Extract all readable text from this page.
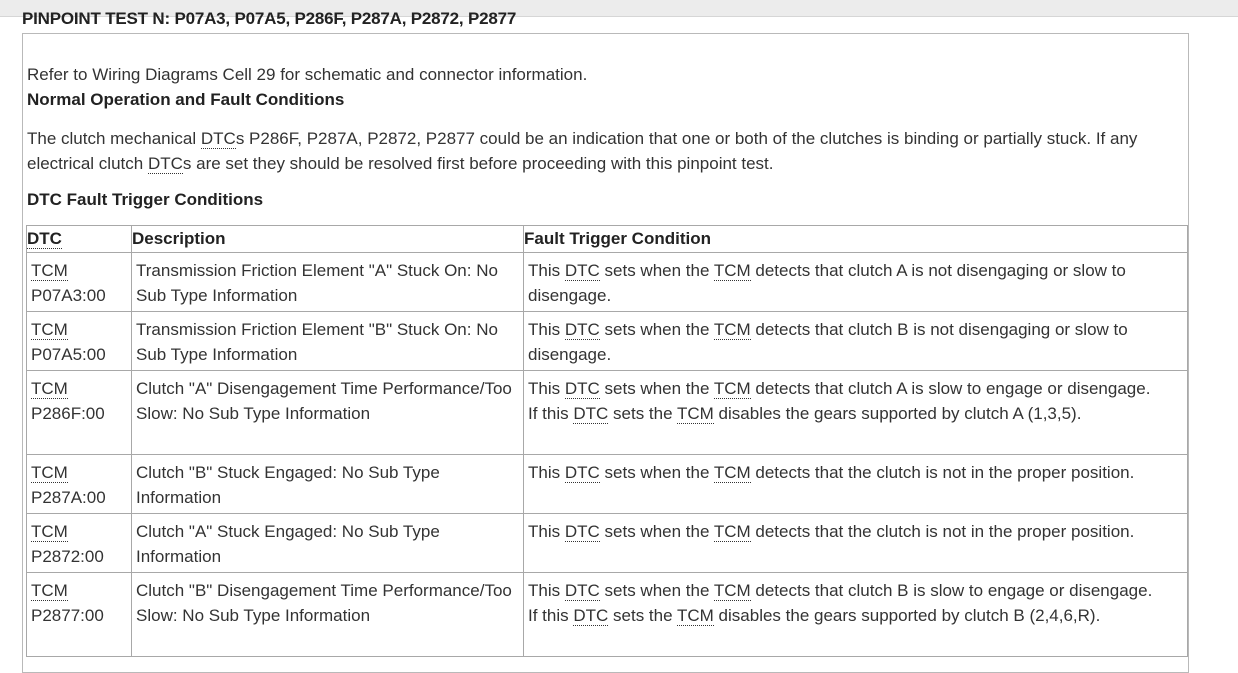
PINPOINT TEST N: P07A3, P07A5, P286F, P287A, P2872, P2877
Refer to Wiring Diagrams Cell 29 for schematic and connector information.
Normal Operation and Fault Conditions
The clutch mechanical DTCs P286F, P287A, P2872, P2877 could be an indication that one or both of the clutches is binding or partially stuck. If any electrical clutch DTCs are set they should be resolved first before proceeding with this pinpoint test.
DTC Fault Trigger Conditions
DTC	Description	Fault Trigger Condition
TCM
P07A3:00	Transmission Friction Element "A" Stuck On: No Sub Type Information	This DTC sets when the TCM detects that clutch A is not disengaging or slow to disengage.
TCM
P07A5:00	Transmission Friction Element "B" Stuck On: No Sub Type Information	This DTC sets when the TCM detects that clutch B is not disengaging or slow to disengage.
TCM
P286F:00	Clutch "A" Disengagement Time Performance/Too Slow: No Sub Type Information	This DTC sets when the TCM detects that clutch A is slow to engage or disengage.
If this DTC sets the TCM disables the gears supported by clutch A (1,3,5).
TCM
P287A:00	Clutch "B" Stuck Engaged: No Sub Type Information	This DTC sets when the TCM detects that the clutch is not in the proper position.
TCM
P2872:00	Clutch "A" Stuck Engaged: No Sub Type Information	This DTC sets when the TCM detects that the clutch is not in the proper position.
TCM
P2877:00	Clutch "B" Disengagement Time Performance/Too Slow: No Sub Type Information	This DTC sets when the TCM detects that clutch B is slow to engage or disengage.
If this DTC sets the TCM disables the gears supported by clutch B (2,4,6,R).
